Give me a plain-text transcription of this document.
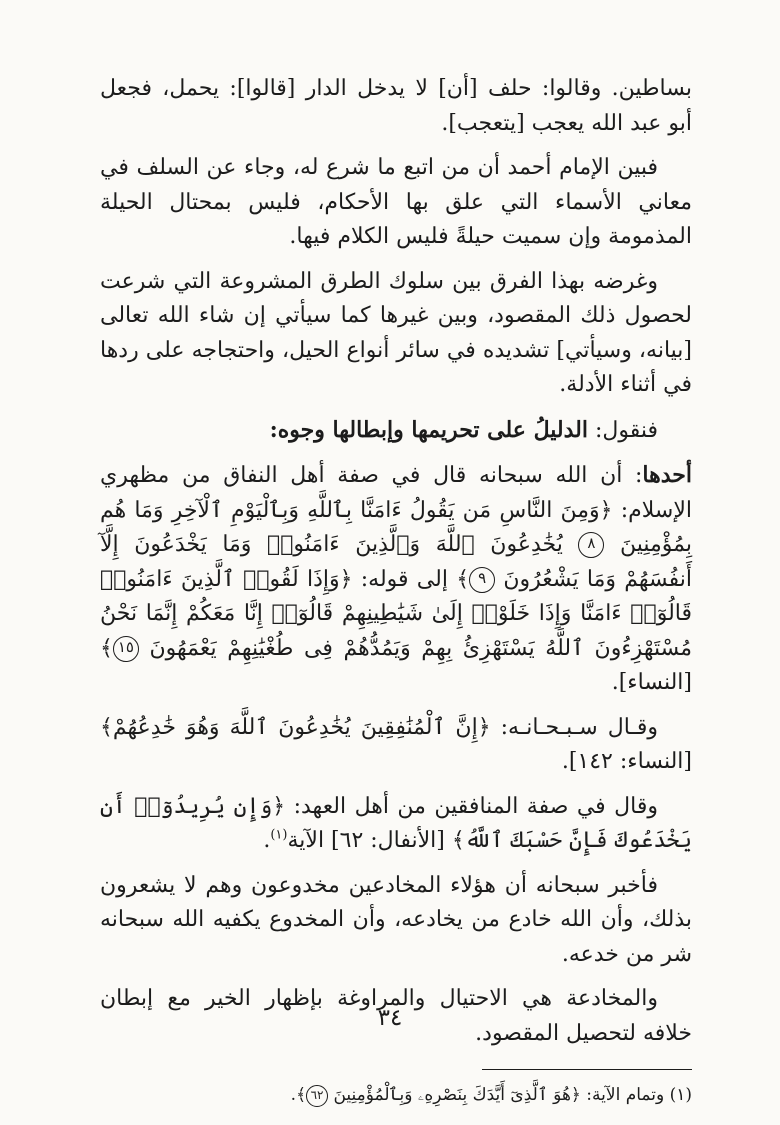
بساطين. وقالوا: حلف [أن] لا يدخل الدار [قالوا]: يحمل، فجعل أبو عبد الله يعجب [يتعجب].

فبين الإمام أحمد أن من اتبع ما شرع له، وجاء عن السلف في معاني الأسماء التي علق بها الأحكام، فليس بمحتال الحيلة المذمومة وإن سميت حيلةً فليس الكلام فيها.

وغرضه بهذا الفرق بين سلوك الطرق المشروعة التي شرعت لحصول ذلك المقصود، وبين غيرها كما سيأتي إن شاء الله تعالى [بيانه، وسيأتي] تشديده في سائر أنواع الحيل، واحتجاجه على ردها في أثناء الأدلة.

فنقول: الدليلُ على تحريمها وإبطالها وجوه:

أحدها: أن الله سبحانه قال في صفة أهل النفاق من مظهري الإسلام: ﴿وَمِنَ النَّاسِ مَن يَقُولُ ءَامَنَّا بِٱللَّهِ وَبِٱلْيَوْمِ ٱلْآخِرِ وَمَا هُم بِمُؤْمِنِينَ ٨ يُخَٰدِعُونَ ٱللَّهَ وَٱلَّذِينَ ءَامَنُوا۟ وَمَا يَخْدَعُونَ إِلَّآ أَنفُسَهُمْ وَمَا يَشْعُرُونَ ٩﴾ إلى قوله: ﴿وَإِذَا لَقُوا۟ ٱلَّذِينَ ءَامَنُوا۟ قَالُوٓا۟ ءَامَنَّا وَإِذَا خَلَوْا۟ إِلَىٰ شَيَٰطِينِهِمْ قَالُوٓا۟ إِنَّا مَعَكُمْ إِنَّمَا نَحْنُ مُسْتَهْزِءُونَ ٱللَّهُ يَسْتَهْزِئُ بِهِمْ وَيَمُدُّهُمْ فِى طُغْيَٰنِهِمْ يَعْمَهُونَ ١٥﴾ [النساء].

وقـال سـبـحـانـه: ﴿إِنَّ ٱلْمُنَٰفِقِينَ يُخَٰدِعُونَ ٱللَّهَ وَهُوَ خَٰدِعُهُمْ﴾ [النساء: ١٤٢].

وقال في صفة المنافقين من أهل العهد: ﴿وَإِن يُرِيدُوٓا۟ أَن يَخْدَعُوكَ فَإِنَّ حَسْبَكَ ٱللَّهُ﴾ [الأنفال: ٦٢] الآية$^{(١)}$.

فأخبر سبحانه أن هؤلاء المخادعين مخدوعون وهم لا يشعرون بذلك، وأن الله خادع من يخادعه، وأن المخدوع يكفيه الله سبحانه شر من خدعه.

والمخادعة هي الاحتيال والمراوغة بإظهار الخير مع إبطان خلافه لتحصيل المقصود.

(١) وتمام الآية: ﴿هُوَ ٱلَّذِىٓ أَيَّدَكَ بِنَصْرِهِۦ وَبِٱلْمُؤْمِنِينَ ٦٢﴾.

٣٤
